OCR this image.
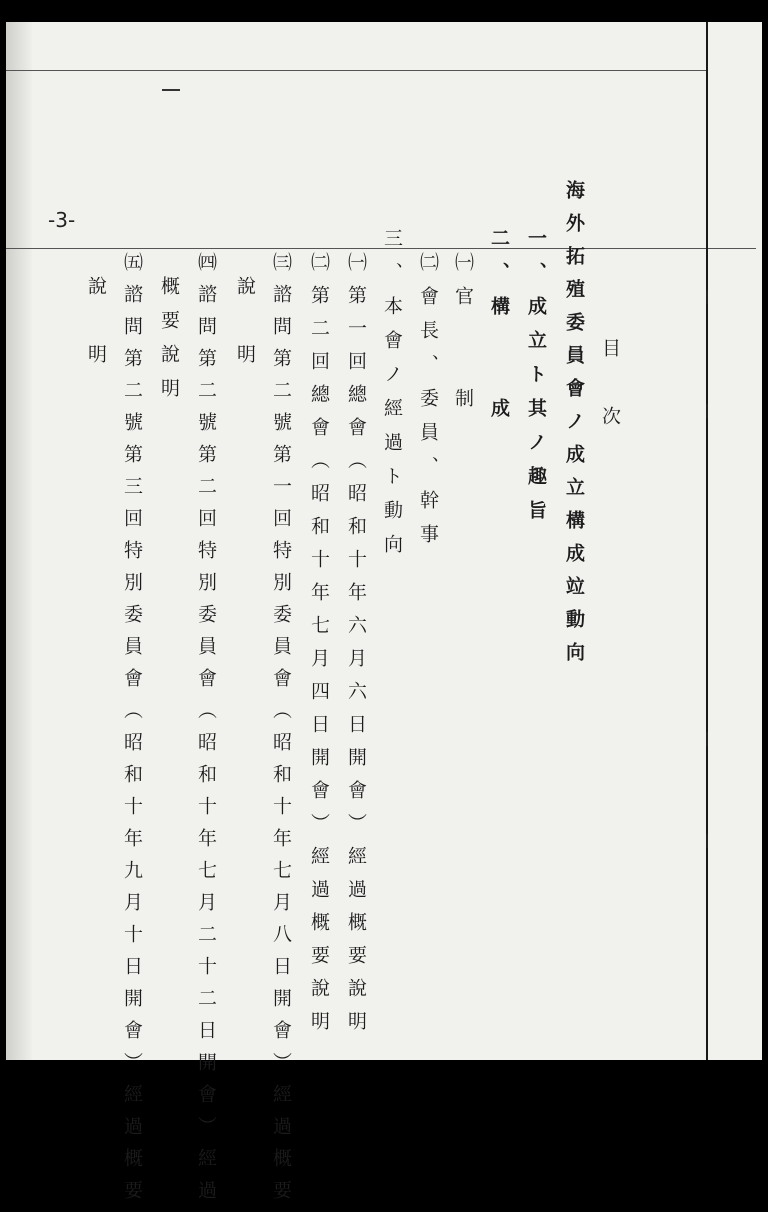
-3-
目　次
海外拓殖委員會ノ成立構成竝動向
一、成立ト其ノ趣旨
二、構　　成
㈠官　　制
㈡會長、委員、幹事
三、本會ノ經過ト動向
㈠第一回總會（昭和十年六月六日開會）經過概要說明
㈡第二回總會（昭和十年七月四日開會）經過概要說明
㈢諮問第二號第一回特別委員會（昭和十年七月八日開會）經過概要
說　明
㈣諮問第二號第二回特別委員會（昭和十年七月二十二日開會）經過
概要說明
㈤諮問第二號第三回特別委員會（昭和十年九月十日開會）經過概要
說　明
